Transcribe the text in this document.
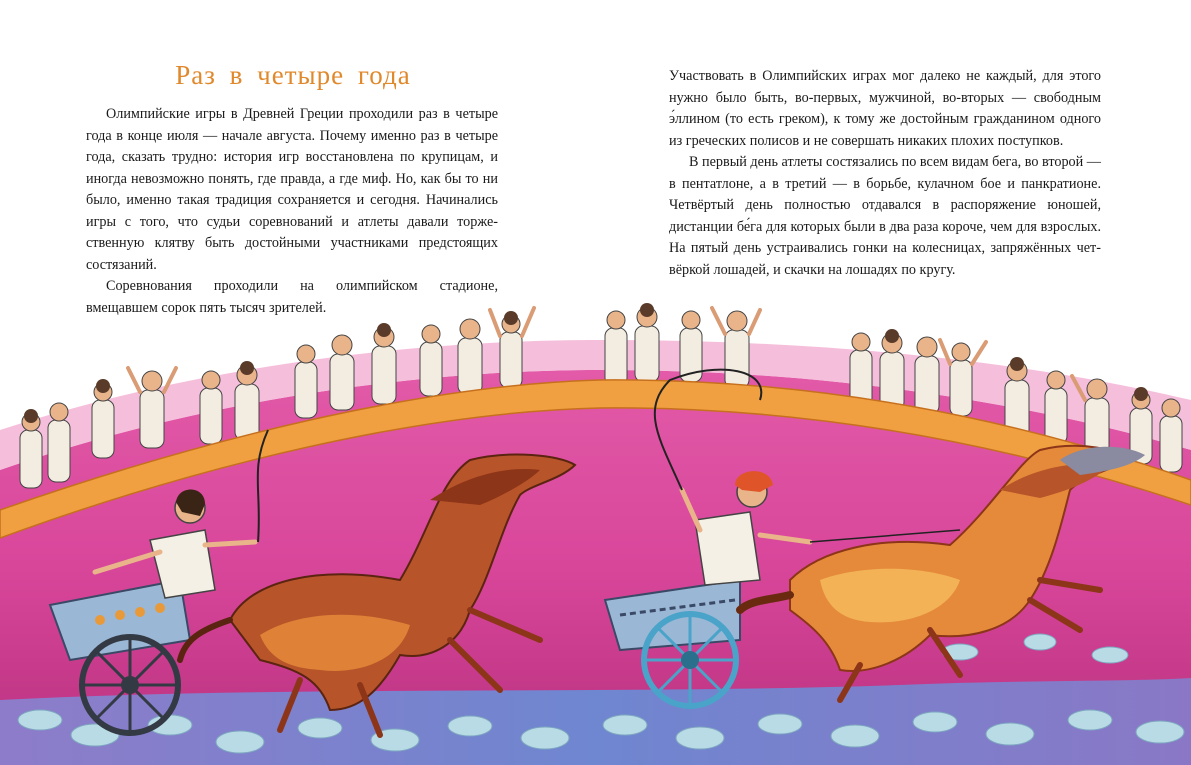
Раз в четыре года

Олимпийские игры в Древней Греции проходили раз в четыре года в конце июля — начале августа. Почему именно раз в четыре года, сказать трудно: история игр восстановлена по крупицам, и иногда невозможно понять, где правда, а где миф. Но, как бы то ни было, именно такая традиция сохраняется и сегодня. Начинались игры с того, что судьи соревнований и атлеты давали торжественную клятву быть достойными участниками предстоящих состязаний.

Соревнования проходили на олимпийском стадионе, вмещавшем сорок пять тысяч зрителей.

Участвовать в Олимпийских играх мог далеко не каждый, для этого нужно было быть, во-первых, мужчиной, во-вторых — свободным э́ллином (то есть греком), к тому же достойным гражданином одного из греческих полисов и не совершать никаких плохих поступков.

В первый день атлеты состязались по всем видам бега, во второй — в пентатлоне, а в третий — в борьбе, кулачном бое и панкратионе. Четвёртый день полностью отдавался в распоряжение юношей, дистанции бе́га для которых были в два раза короче, чем для взрослых. На пятый день устраивались гонки на колесницах, запряжённых четвёркой лошадей, и скачки на лошадях по кругу.
